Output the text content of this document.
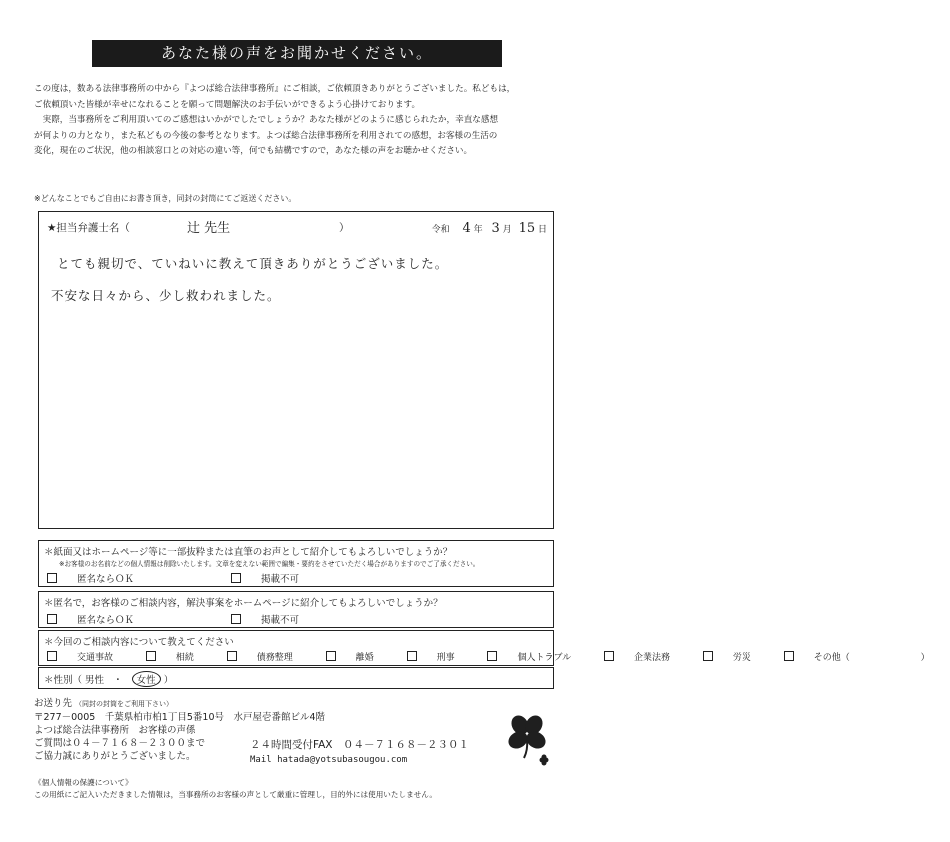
あなた様の声をお聞かせください。

この度は，数ある法律事務所の中から『よつば総合法律事務所』にご相談，ご依頼頂きありがとうございました。私どもは，

ご依頼頂いた皆様が幸せになれることを願って問題解決のお手伝いができるよう心掛けております。

実際，当事務所をご利用頂いてのご感想はいかがでしたでしょうか？あなた様がどのように感じられたか，幸直な感想

が何よりの力となり，また私どもの今後の参考となります。よつば総合法律事務所を利用されての感想，お客様の生活の

変化，現在のご状況，他の相談窓口との対応の違い等，何でも結構ですので，あなた様の声をお聴かせください。

※どんなことでもご自由にお書き頂き，同封の封筒にてご返送ください。
★担当弁護士名（	辻 先生	）	令和 4 年 3 月 15 日
とても親切で、ていねいに教えて頂きありがとうございました。
不安な日々から、少し救われました。
＊紙面又はホームページ等に一部抜粋または直筆のお声として紹介してもよろしいでしょうか？
※お客様のお名前などの個人情報は削除いたします。文章を変えない範囲で編集・要約をさせていただく場合がありますのでご了承ください。
匿名ならＯＫ	掲載不可
＊匿名で，お客様のご相談内容，解決事案をホームページに紹介してもよろしいでしょうか？
匿名ならＯＫ	掲載不可
＊今回のご相談内容について教えてください
交通事故	相続	債務整理	離婚	刑事	個人トラブル	企業法務	労災	その他（	）
＊性別（ 男性 ・ 女性 ）
お送り先 （同封の封筒をご利用下さい）
〒277－0005　千葉県柏市柏1丁目5番10号　水戸屋壱番館ビル4階
よつば総合法律事務所　お客様の声係
ご質問は０４－７１６８－２３００まで
ご協力誠にありがとうございました。
２４時間受付FAX　０４－７１６８－２３０１
Mail hatada@yotsubasougou.com
《個人情報の保護について》
この用紙にご記入いただきました情報は，当事務所のお客様の声として厳重に管理し，目的外には使用いたしません。
